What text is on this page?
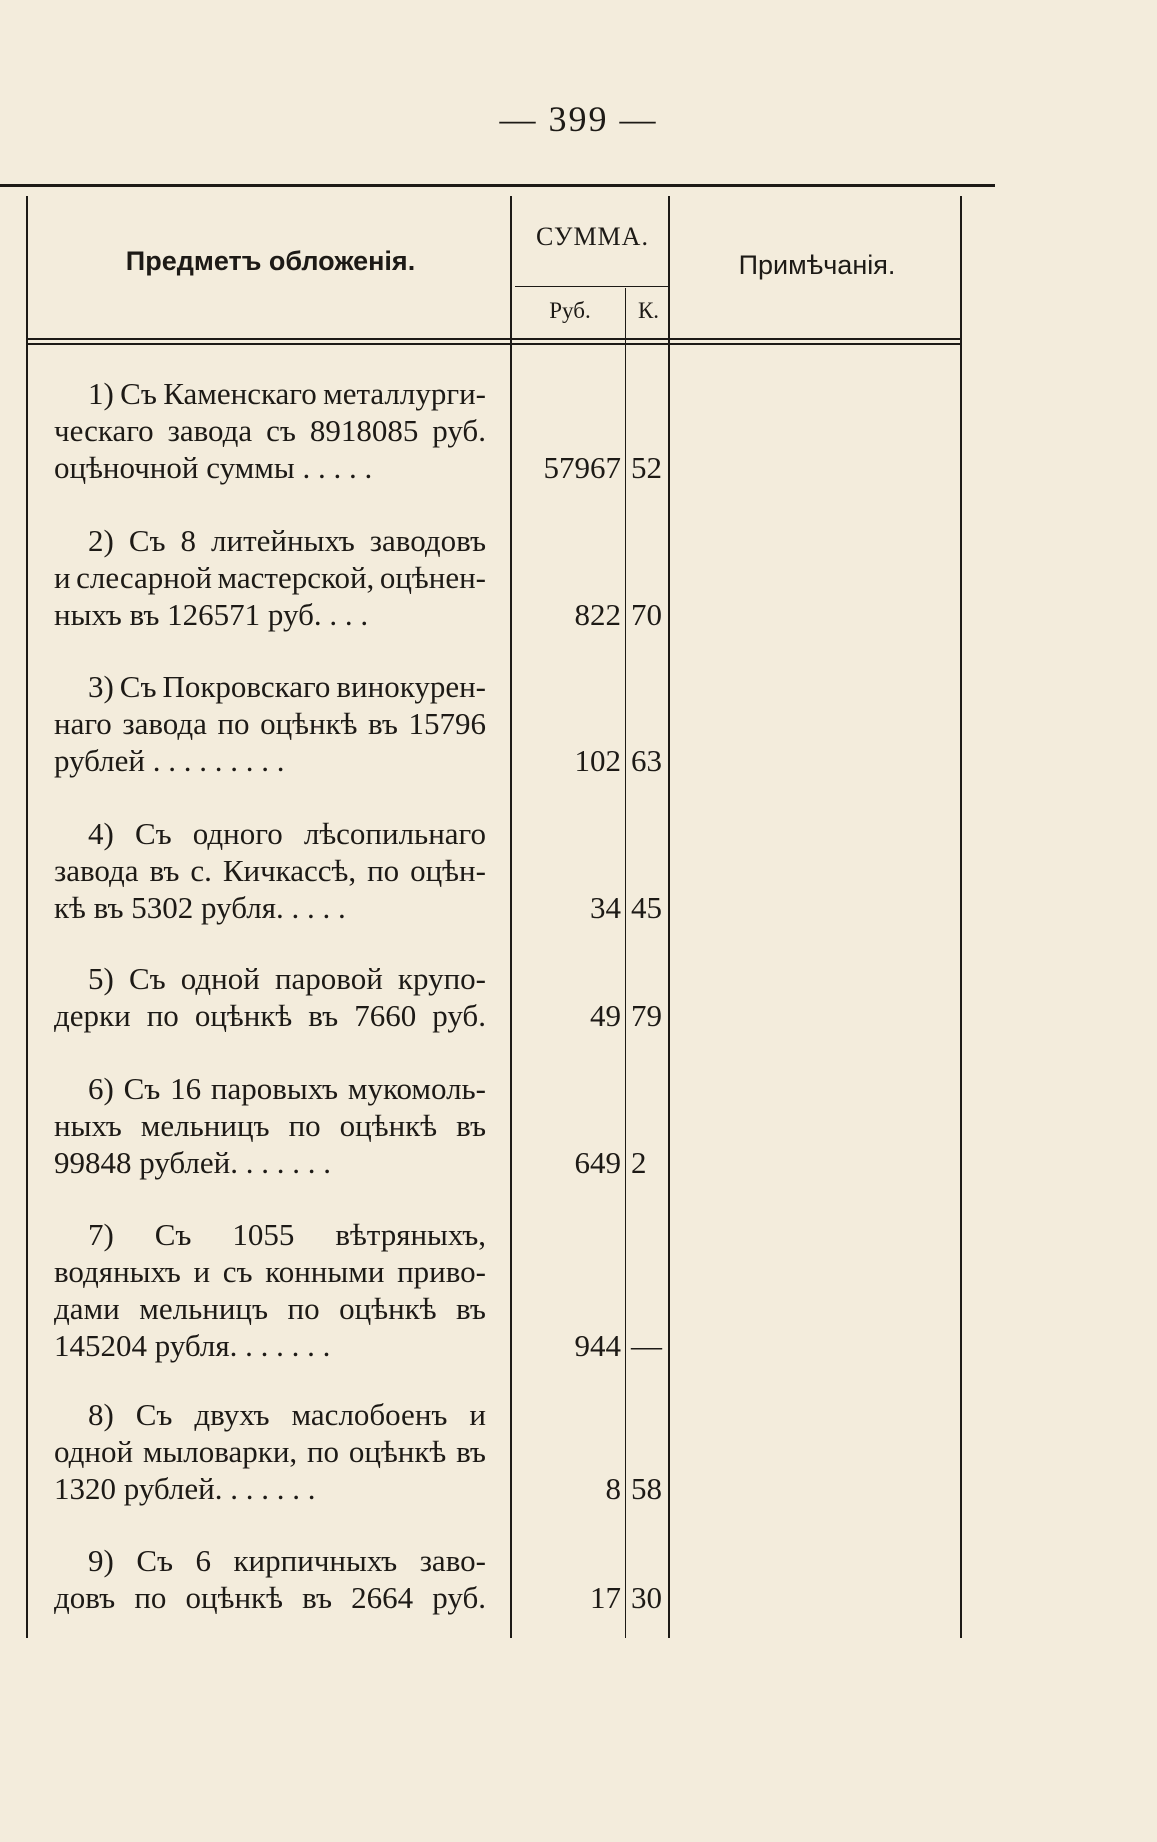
— 399 —
Предметъ обложенія.
СУММА.
Руб.	К.
Примѣчанія.
1) Съ Каменскаго металлурги-
ческаго завода съ 8918085 руб.
оцѣночной суммы . . . . .	57967 52
2) Съ 8 литейныхъ заводовъ
и слесарной мастерской, оцѣнен-
ныхъ въ 126571 руб. . . .	822 70
3) Съ Покровскаго винокурен-
наго завода по оцѣнкѣ въ 15796
рублей . . . . . . . . .	102 63
4) Съ одного лѣсопильнаго
завода въ с. Кичкассѣ, по оцѣн-
кѣ въ 5302 рубля. . . . .	34 45
5) Съ одной паровой крупо-
дерки по оцѣнкѣ въ 7660 руб.	49 79
6) Съ 16 паровыхъ мукомоль-
ныхъ мельницъ по оцѣнкѣ въ
99848 рублей. . . . . . .	649 2
7) Съ 1055 вѣтряныхъ,
водяныхъ и съ конными приво-
дами мельницъ по оцѣнкѣ въ
145204 рубля. . . . . . .	944 —
8) Съ двухъ маслобоенъ и
одной мыловарки, по оцѣнкѣ въ
1320 рублей. . . . . . .	8 58
9) Съ 6 кирпичныхъ заво-
довъ по оцѣнкѣ въ 2664 руб.	17 30
